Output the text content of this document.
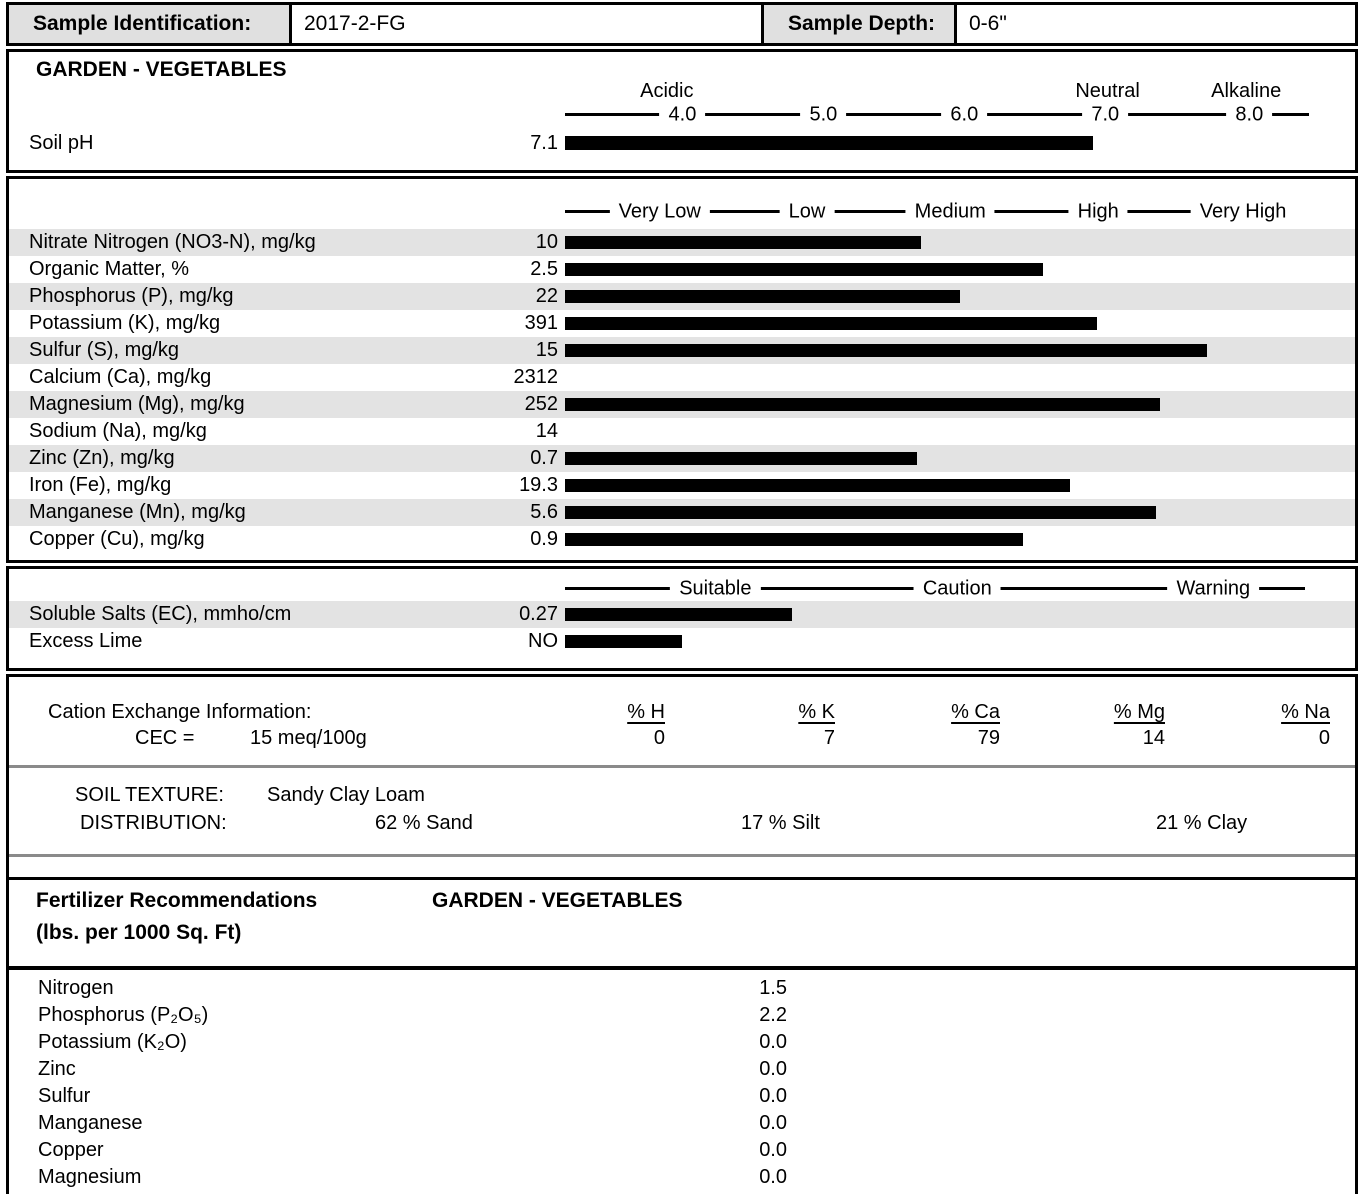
Sample Identification:	2017-2-FG	Sample Depth:	0-6"
GARDEN - VEGETABLES
Acidic	Neutral	Alkaline
4.0	5.0	6.0	7.0	8.0
Soil pH	7.1
Very Low	Low	Medium	High	Very High
Nitrate Nitrogen (NO3-N), mg/kg	10
Organic Matter, %	2.5
Phosphorus (P), mg/kg	22
Potassium (K), mg/kg	391
Sulfur (S), mg/kg	15
Calcium (Ca), mg/kg	2312
Magnesium (Mg), mg/kg	252
Sodium (Na), mg/kg	14
Zinc (Zn), mg/kg	0.7
Iron (Fe), mg/kg	19.3
Manganese (Mn), mg/kg	5.6
Copper (Cu), mg/kg	0.9
Suitable	Caution	Warning
Soluble Salts (EC), mmho/cm	0.27
Excess Lime	NO
Cation Exchange Information:	% H	% K	% Ca	% Mg	% Na
CEC =	15 meq/100g	0	7	79	14	0
SOIL TEXTURE: Sandy Clay Loam
DISTRIBUTION:	62 % Sand	17 % Silt	21 % Clay
Fertilizer Recommendations
(lbs. per 1000 Sq. Ft)
GARDEN - VEGETABLES
Nitrogen	1.5
Phosphorus (P₂O₅)	2.2
Potassium (K₂O)	0.0
Zinc	0.0
Sulfur	0.0
Manganese	0.0
Copper	0.0
Magnesium	0.0
